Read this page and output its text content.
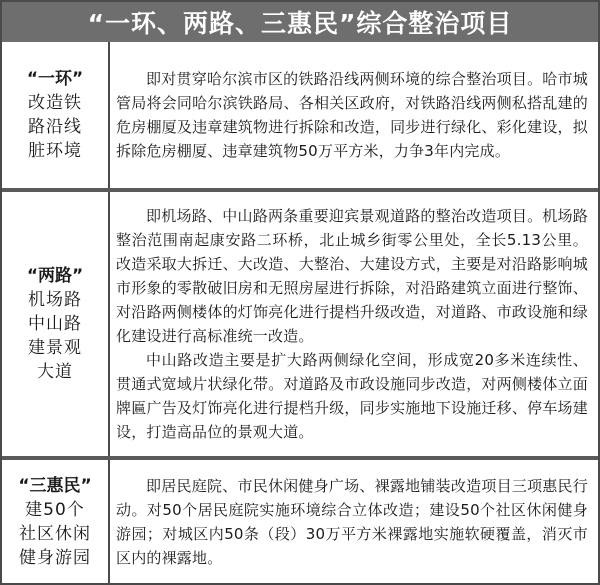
“一环、两路、三惠民”综合整治项目
“一环”
改造铁
路沿线
脏环境

即对贯穿哈尔滨市区的铁路沿线两侧环境的综合整治项目。哈市城管局将会同哈尔滨铁路局、各相关区政府，对铁路沿线两侧私搭乱建的危房棚厦及违章建筑物进行拆除和改造，同步进行绿化、彩化建设，拟拆除危房棚厦、违章建筑物50万平方米，力争3年内完成。

“两路”
机场路
中山路
建景观
大道

即机场路、中山路两条重要迎宾景观道路的整治改造项目。机场路整治范围南起康安路二环桥，北止城乡街零公里处，全长5.13公里。改造采取大拆迁、大改造、大整治、大建设方式，主要是对沿路影响城市形象的零散破旧房和无照房屋进行拆除，对沿路建筑立面进行整饰、对沿路两侧楼体的灯饰亮化进行提档升级改造，对道路、市政设施和绿化建设进行高标准统一改造。

中山路改造主要是扩大路两侧绿化空间，形成宽20多米连续性、贯通式宽域片状绿化带。对道路及市政设施同步改造，对两侧楼体立面牌匾广告及灯饰亮化进行提档升级，同步实施地下设施迁移、停车场建设，打造高品位的景观大道。

“三惠民”
建50个
社区休闲
健身游园

即居民庭院、市民休闲健身广场、裸露地铺装改造项目三项惠民行动。对50个居民庭院实施环境综合立体改造；建设50个社区休闲健身游园；对城区内50条（段）30万平方米裸露地实施软硬覆盖，消灭市区内的裸露地。
